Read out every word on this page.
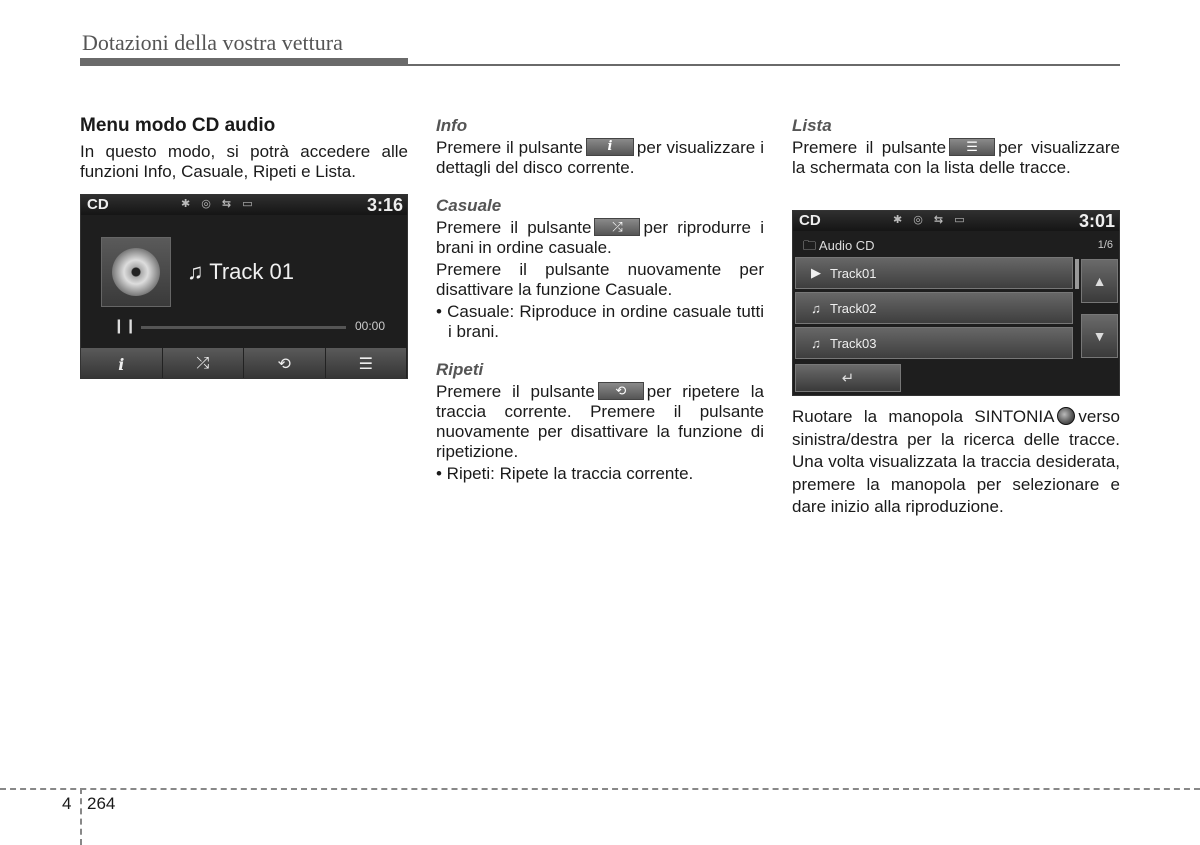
Dotazioni della vostra vettura
Menu modo CD audio

In questo modo, si potrà accedere alle funzioni Info, Casuale, Ripeti e Lista.

CD	✱ ◎ ⇆ ▭	3:16
♫ Track 01
❙❙	00:00
i	⤮	⟲	☰
Info

Premere il pulsante i per visualizzare i dettagli del disco corrente.

Casuale

Premere il pulsante ⤮ per riprodurre i brani in ordine casuale.

Premere il pulsante nuovamente per disattivare la funzione Casuale.

• Casuale: Riproduce in ordine casuale tutti i brani.

Ripeti

Premere il pulsante ⟲ per ripetere la traccia corrente. Premere il pulsante nuovamente per disattivare la funzione di ripetizione.

• Ripeti: Ripete la traccia corrente.

Lista

Premere il pulsante ☰ per visualizzare la schermata con la lista delle tracce.

CD	✱ ◎ ⇆ ▭	3:01
🗀 Audio CD	1/6
▶ Track01
♫ Track02
♫ Track03
▲
▼
↵

Ruotare la manopola SINTONIA verso sinistra/destra per la ricerca delle tracce. Una volta visualizzata la traccia desiderata, premere la manopola per selezionare e dare inizio alla riproduzione.

4 264
